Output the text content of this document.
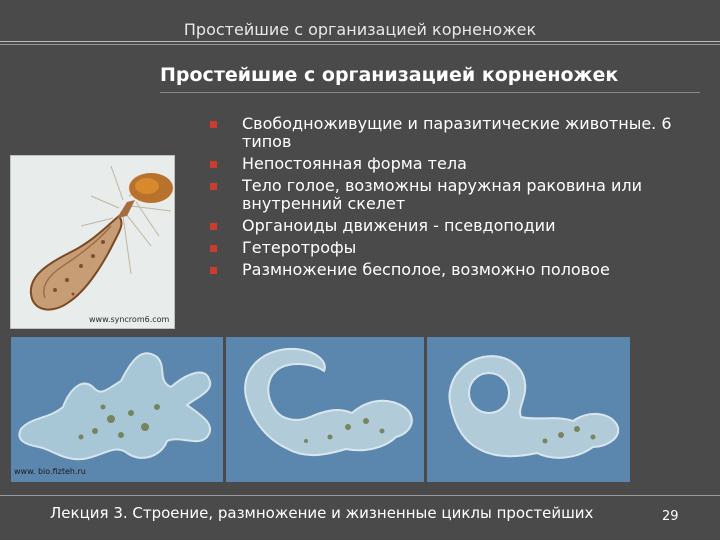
Простейшие с организацией корненожек
Простейшие с организацией корненожек
Свободноживущие и паразитические животные. 6 типов
Непостоянная форма тела
Тело голое, возможны наружная раковина или внутренний скелет
Органоиды движения - псевдоподии
Гетеротрофы
Размножение бесполое, возможно половое
www.syncrom6.com
www. bio.fizteh.ru
Лекция 3. Строение, размножение и жизненные циклы простейших	29
